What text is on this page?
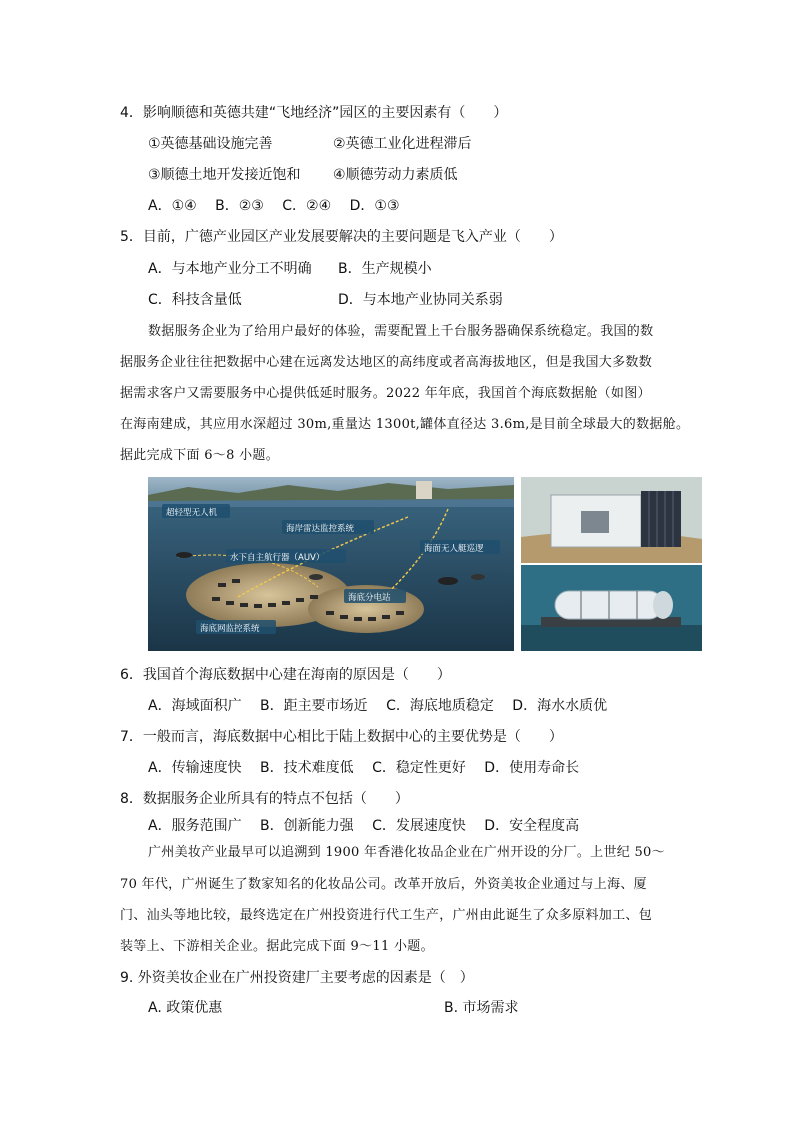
4．影响顺德和英德共建“飞地经济”园区的主要因素有（　　）
①英德基础设施完善	②英德工业化进程滞后
③顺德土地开发接近饱和 ④顺德劳动力素质低
A．①④　 B．②③　 C．②④　 D．①③
5．目前，广德产业园区产业发展要解决的主要问题是飞入产业（　　）
A．与本地产业分工不明确 B．生产规模小
C．科技含量低	D．与本地产业协同关系弱
数据服务企业为了给用户最好的体验，需要配置上千台服务器确保系统稳定。我国的数
据服务企业往往把数据中心建在远离发达地区的高纬度或者高海拔地区，但是我国大多数数
据需求客户又需要服务中心提供低延时服务。2022 年年底，我国首个海底数据舱（如图）
在海南建成，其应用水深超过 30m,重量达 1300t,罐体直径达 3.6m,是目前全球最大的数据舱。
据此完成下面 6～8 小题。
超轻型无人机
海岸雷达监控系统
水下自主航行器（AUV）
海面无人艇巡逻
海底分电站
海底网监控系统
6．我国首个海底数据中心建在海南的原因是（　　）
A．海域面积广　 B．距主要市场近　 C．海底地质稳定　 D．海水水质优
7．一般而言，海底数据中心相比于陆上数据中心的主要优势是（　　）
A．传输速度快　 B．技术难度低　 C．稳定性更好　 D．使用寿命长
8．数据服务企业所具有的特点不包括（　　）
A．服务范围广　 B．创新能力强　 C．发展速度快　 D．安全程度高
广州美妆产业最早可以追溯到 1900 年香港化妆品企业在广州开设的分厂。上世纪 50～
70 年代，广州诞生了数家知名的化妆品公司。改革开放后，外资美妆企业通过与上海、厦
门、汕头等地比较，最终选定在广州投资进行代工生产，广州由此诞生了众多原料加工、包
装等上、下游相关企业。据此完成下面 9～11 小题。
9. 外资美妆企业在广州投资建厂主要考虑的因素是（　）
A. 政策优惠	B. 市场需求
